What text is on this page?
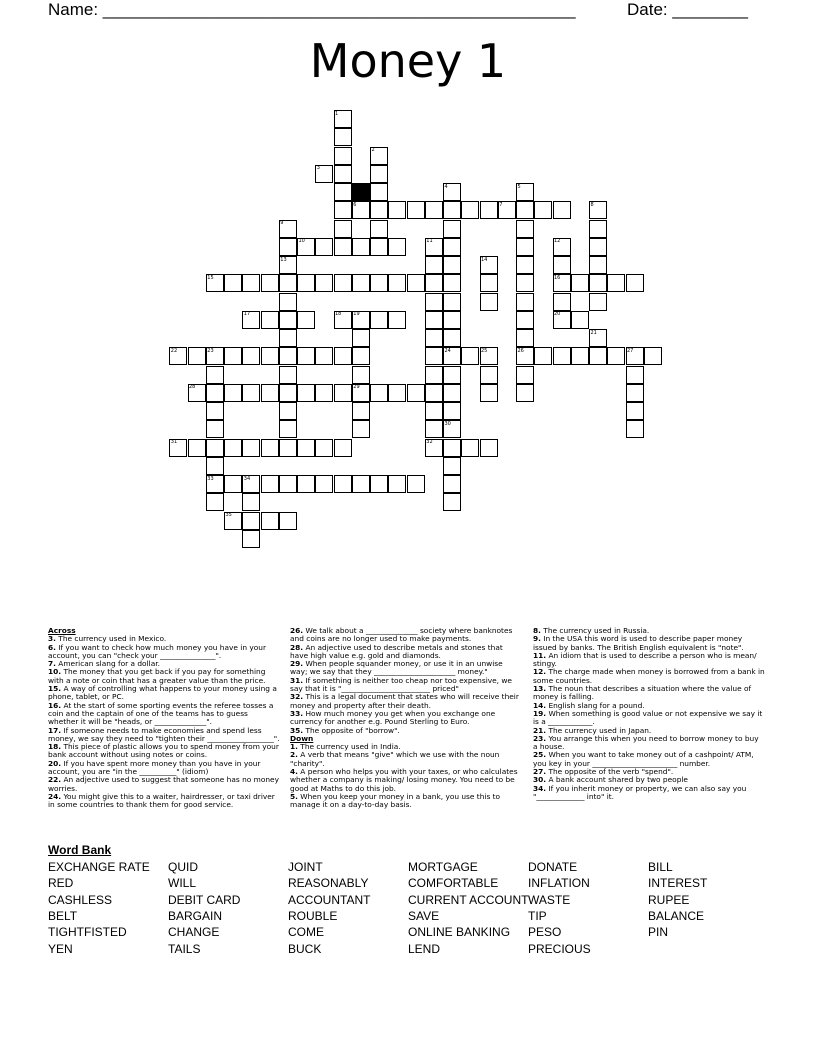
Name: __________________________________________________	Date: ________
Money 1
1
2
3
4	5
6	7	8
9
10	11	12
13	14
15	16
17	18 19	20
21
22	23	24	25	26	27
28	29
30
31	32
33	34
35
Across
3. The currency used in Mexico.
6. If you want to check how much money you have in your account, you can "check your _______________".
7. American slang for a dollar.
10. The money that you get back if you pay for something with a note or coin that has a greater value than the price.
15. A way of controlling what happens to your money using a phone, tablet, or PC.
16. At the start of some sporting events the referee tosses a coin and the captain of one of the teams has to guess whether it will be "heads, or ______________".
17. If someone needs to make economies and spend less money, we say they need to "tighten their __________________".
18. This piece of plastic allows you to spend money from your bank account without using notes or coins.
20. If you have spent more money than you have in your account, you are "in the __________" (idiom)
22. An adjective used to suggest that someone has no money worries.
24. You might give this to a waiter, hairdresser, or taxi driver in some countries to thank them for good service.
26. We talk about a ______________ society where banknotes and coins are no longer used to make payments.
28. An adjective used to describe metals and stones that have high value e.g. gold and diamonds.
29. When people squander money, or use it in an unwise way; we say that they ______________________ money."
31. If something is neither too cheap nor too expensive, we say that it is "________________________ priced"
32. This is a legal document that states who will receive their money and property after their death.
33. How much money you get when you exchange one currency for another e.g. Pound Sterling to Euro.
35. The opposite of "borrow".
Down
1. The currency used in India.
2. A verb that means "give" which we use with the noun "charity".
4. A person who helps you with your taxes, or who calculates whether a company is making/ losing money. You need to be good at Maths to do this job.
5. When you keep your money in a bank, you use this to manage it on a day-to-day basis.
8. The currency used in Russia.
9. In the USA this word is used to describe paper money issued by banks. The British English equivalent is "note".
11. An idiom that is used to describe a person who is mean/ stingy.
12. The charge made when money is borrowed from a bank in some countries.
13. The noun that describes a situation where the value of money is falling.
14. English slang for a pound.
19. When something is good value or not expensive we say it is a ____________.
21. The currency used in Japan.
23. You arrange this when you need to borrow money to buy a house.
25. When you want to take money out of a cashpoint/ ATM, you key in your _______________________ number.
27. The opposite of the verb "spend".
30. A bank account shared by two people
34. If you inherit money or property, we can also say you "_____________ into" it.
Word Bank
EXCHANGE RATE
RED
CASHLESS
BELT
TIGHTFISTED
YEN
QUID
WILL
DEBIT CARD
BARGAIN
CHANGE
TAILS
JOINT
REASONABLY
ACCOUNTANT
ROUBLE
COME
BUCK
MORTGAGE
COMFORTABLE
CURRENT ACCOUNT
SAVE
ONLINE BANKING
LEND
DONATE
INFLATION
WASTE
TIP
PESO
PRECIOUS
BILL
INTEREST
RUPEE
BALANCE
PIN
